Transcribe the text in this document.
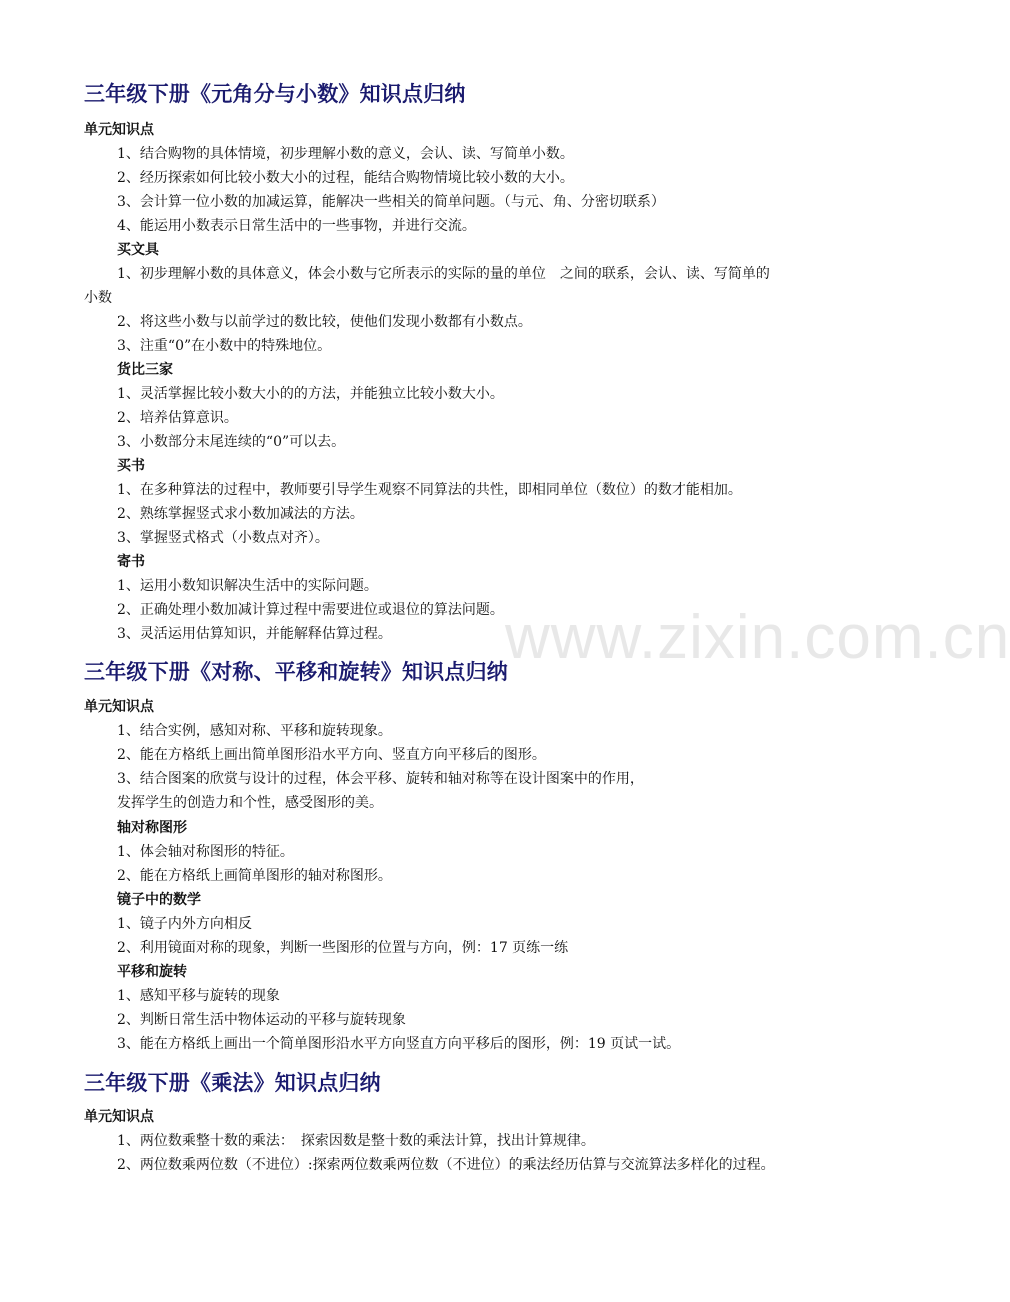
www.zixin.com.cn
三年级下册《元角分与小数》知识点归纳
单元知识点
1、结合购物的具体情境，初步理解小数的意义，会认、读、写简单小数。
2、经历探索如何比较小数大小的过程，能结合购物情境比较小数的大小。
3、会计算一位小数的加减运算，能解决一些相关的简单问题。（与元、角、分密切联系）
4、能运用小数表示日常生活中的一些事物，并进行交流。
买文具
1、初步理解小数的具体意义，体会小数与它所表示的实际的量的单位　之间的联系，会认、读、写简单的
小数
2、将这些小数与以前学过的数比较，使他们发现小数都有小数点。
3、注重“0”在小数中的特殊地位。
货比三家
1、灵活掌握比较小数大小的的方法，并能独立比较小数大小。
2、培养估算意识。
3、小数部分末尾连续的“0”可以去。
买书
1、在多种算法的过程中，教师要引导学生观察不同算法的共性，即相同单位（数位）的数才能相加。
2、熟练掌握竖式求小数加减法的方法。
3、掌握竖式格式（小数点对齐）。
寄书
1、运用小数知识解决生活中的实际问题。
2、正确处理小数加减计算过程中需要进位或退位的算法问题。
3、灵活运用估算知识，并能解释估算过程。
三年级下册《对称、平移和旋转》知识点归纳
单元知识点
1、结合实例，感知对称、平移和旋转现象。
2、能在方格纸上画出简单图形沿水平方向、竖直方向平移后的图形。
3、结合图案的欣赏与设计的过程，体会平移、旋转和轴对称等在设计图案中的作用，
发挥学生的创造力和个性，感受图形的美。
轴对称图形
1、体会轴对称图形的特征。
2、能在方格纸上画简单图形的轴对称图形。
镜子中的数学
1、镜子内外方向相反
2、利用镜面对称的现象，判断一些图形的位置与方向，例：17 页练一练
平移和旋转
1、感知平移与旋转的现象
2、判断日常生活中物体运动的平移与旋转现象
3、能在方格纸上画出一个简单图形沿水平方向竖直方向平移后的图形，例：19 页试一试。
三年级下册《乘法》知识点归纳
单元知识点
1、两位数乘整十数的乘法：　探索因数是整十数的乘法计算，找出计算规律。
2、两位数乘两位数（不进位）:探索两位数乘两位数（不进位）的乘法经历估算与交流算法多样化的过程。
